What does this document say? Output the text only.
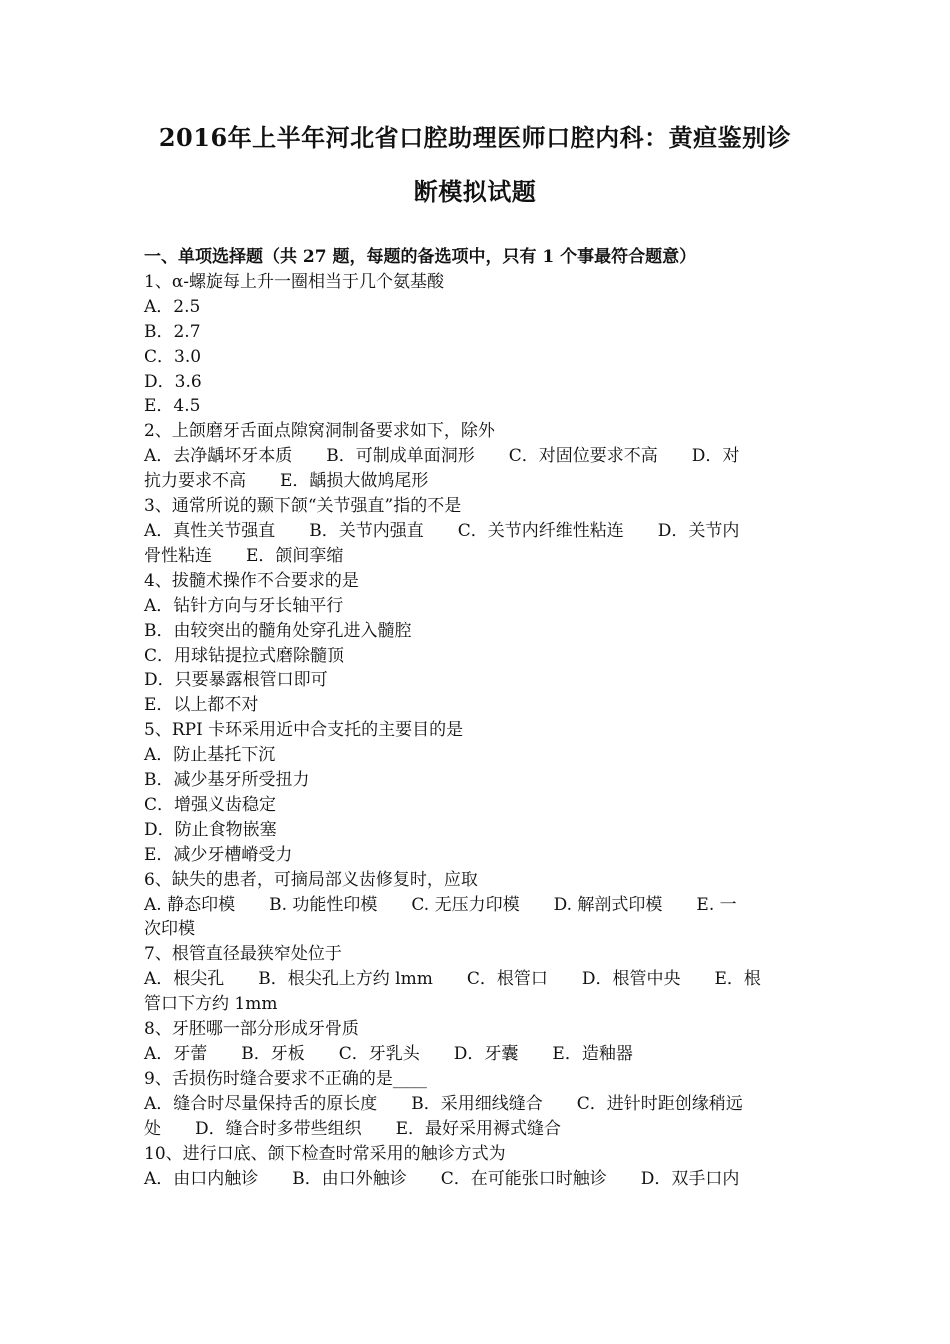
2016年上半年河北省口腔助理医师口腔内科：黄疸鉴别诊
断模拟试题
一、单项选择题（共 27 题，每题的备选项中，只有 1 个事最符合题意）
1、α-螺旋每上升一圈相当于几个氨基酸
A．2.5
B．2.7
C．3.0
D．3.6
E．4.5
2、上颌磨牙舌面点隙窝洞制备要求如下，除外
A．去净龋坏牙本质　　B．可制成单面洞形　　C．对固位要求不高　　D．对
抗力要求不高　　E．龋损大做鸠尾形
3、通常所说的颞下颌“关节强直”指的不是
A．真性关节强直　　B．关节内强直　　C．关节内纤维性粘连　　D．关节内
骨性粘连　　E．颌间挛缩
4、拔髓术操作不合要求的是
A．钻针方向与牙长轴平行
B．由较突出的髓角处穿孔进入髓腔
C．用球钻提拉式磨除髓顶
D．只要暴露根管口即可
E．以上都不对
5、RPI 卡环采用近中合支托的主要目的是
A．防止基托下沉
B．减少基牙所受扭力
C．增强义齿稳定
D．防止食物嵌塞
E．减少牙槽嵴受力
6、缺失的患者，可摘局部义齿修复时，应取
A. 静态印模　　B. 功能性印模　　C. 无压力印模　　D. 解剖式印模　　E. 一
次印模
7、根管直径最狭窄处位于
A．根尖孔　　B．根尖孔上方约 lmm　　C．根管口　　D．根管中央　　E．根
管口下方约 1mm
8、牙胚哪一部分形成牙骨质
A．牙蕾　　B．牙板　　C．牙乳头　　D．牙囊　　E．造釉器
9、舌损伤时缝合要求不正确的是____
A．缝合时尽量保持舌的原长度　　B．采用细线缝合　　C．进针时距创缘稍远
处　　D．缝合时多带些组织　　E．最好采用褥式缝合
10、进行口底、颌下检查时常采用的触诊方式为
A．由口内触诊　　B．由口外触诊　　C．在可能张口时触诊　　D．双手口内
